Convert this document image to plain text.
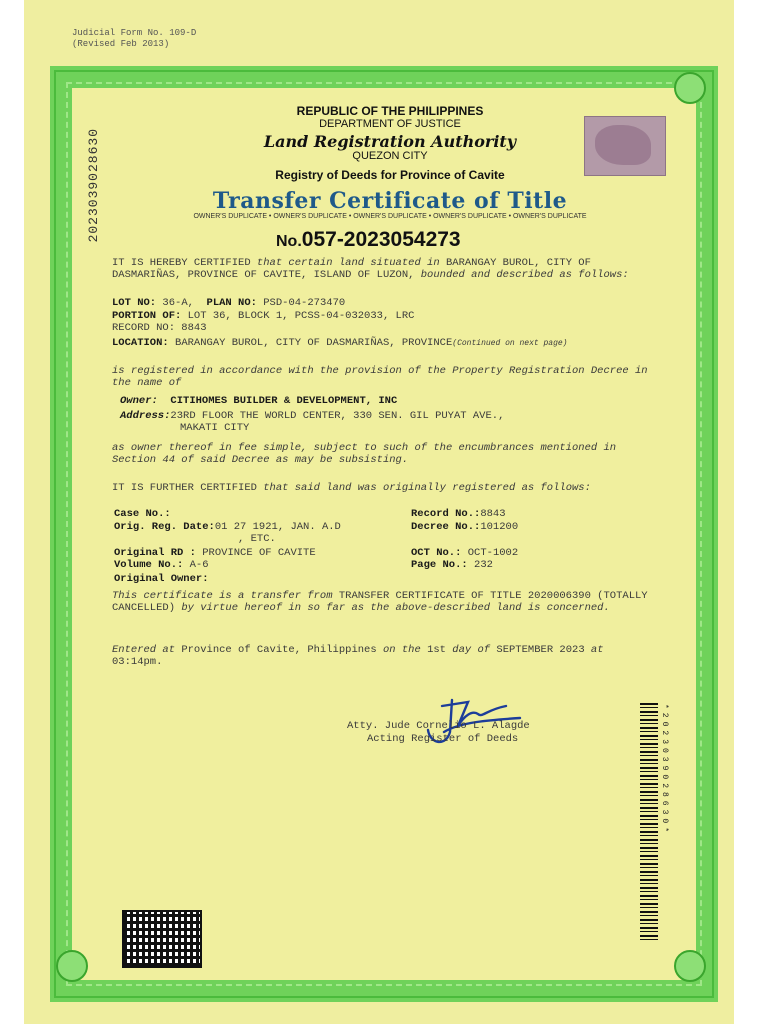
Judicial Form No. 109-D
(Revised Feb 2013)
2023039028630
REPUBLIC OF THE PHILIPPINES
DEPARTMENT OF JUSTICE
Land Registration Authority
QUEZON CITY
Registry of Deeds for Province of Cavite
Transfer Certificate of Title
OWNER'S DUPLICATE • OWNER'S DUPLICATE • OWNER'S DUPLICATE • OWNER'S DUPLICATE • OWNER'S DUPLICATE
No.057-2023054273
IT IS HEREBY CERTIFIED that certain land situated in BARANGAY BUROL, CITY OF DASMARIÑAS, PROVINCE OF CAVITE, ISLAND OF LUZON, bounded and described as follows:
LOT NO: 36-A, PLAN NO: PSD-04-273470
PORTION OF: LOT 36, BLOCK 1, PCSS-04-032033, LRC
RECORD NO: 8843
LOCATION: BARANGAY BUROL, CITY OF DASMARIÑAS, PROVINCE(Continued on next page)
is registered in accordance with the provision of the Property Registration Decree in the name of
Owner: CITIHOMES BUILDER & DEVELOPMENT, INC
Address:23RD FLOOR THE WORLD CENTER, 330 SEN. GIL PUYAT AVE.,
MAKATI CITY
as owner thereof in fee simple, subject to such of the encumbrances mentioned in Section 44 of said Decree as may be subsisting.
IT IS FURTHER CERTIFIED that said land was originally registered as follows:
Case No.:	Record No.:8843
Orig. Reg. Date:01 27 1921, JAN. A.D	Decree No.:101200
, ETC.
Original RD : PROVINCE OF CAVITE	OCT No.: OCT-1002
Volume No.: A-6	Page No.: 232
Original Owner:
This certificate is a transfer from TRANSFER CERTIFICATE OF TITLE 2020006390 (TOTALLY CANCELLED) by virtue hereof in so far as the above-described land is concerned.
Entered at Province of Cavite, Philippines on the 1st day of SEPTEMBER 2023 at 03:14pm.
Atty. Jude Cornelio L. Alagde
Acting Register of Deeds	*2023039028630*
